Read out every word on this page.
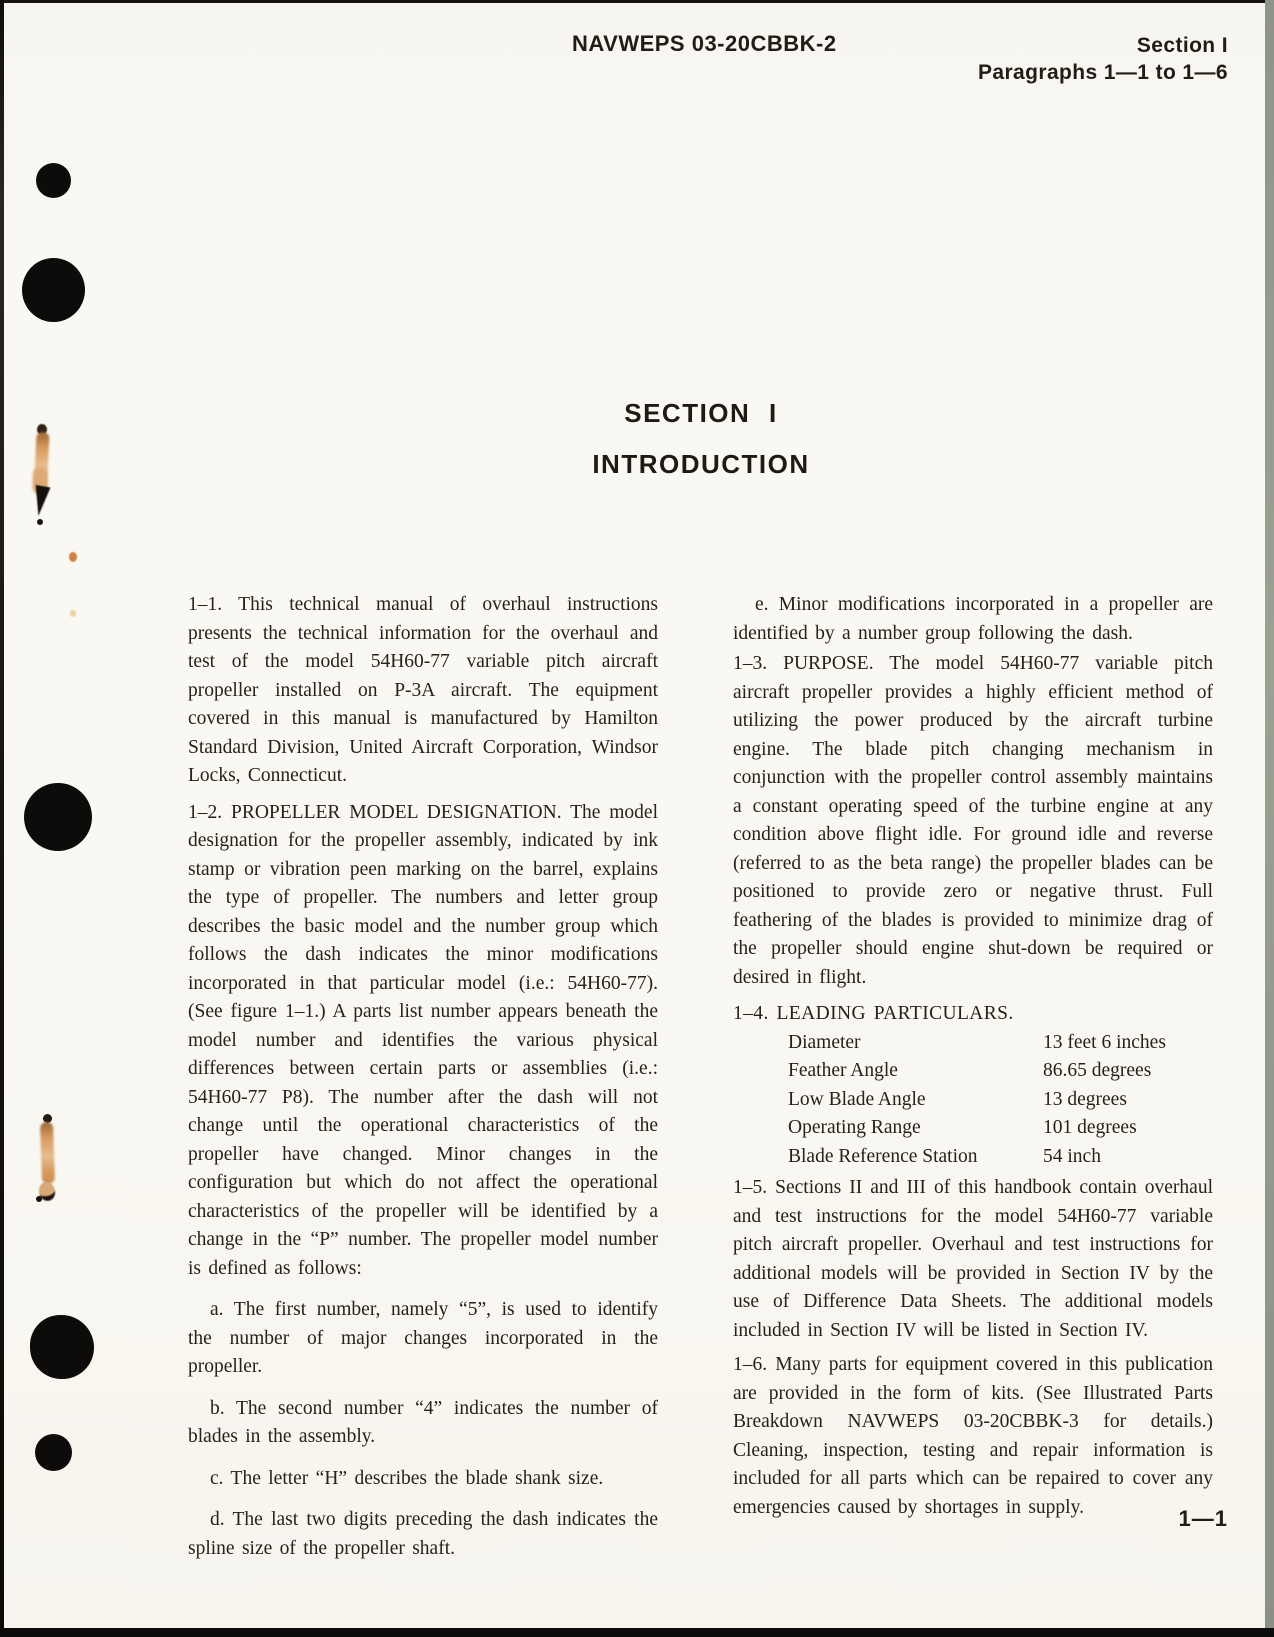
NAVWEPS 03-20CBBK-2	Section I
Paragraphs 1—1 to 1—6
SECTION I
INTRODUCTION

1–1. This technical manual of overhaul instructions presents the technical information for the overhaul and test of the model 54H60-77 variable pitch aircraft propeller installed on P-3A aircraft. The equipment covered in this manual is manufactured by Hamilton Standard Division, United Aircraft Corporation, Windsor Locks, Connecticut.

1–2. PROPELLER MODEL DESIGNATION. The model designation for the propeller assembly, indicated by ink stamp or vibration peen marking on the barrel, explains the type of propeller. The numbers and letter group describes the basic model and the number group which follows the dash indicates the minor modifications incorporated in that particular model (i.e.: 54H60-77). (See figure 1–1.) A parts list number appears beneath the model number and identifies the various physical differences between certain parts or assemblies (i.e.: 54H60-77 P8). The number after the dash will not change until the operational characteristics of the propeller have changed. Minor changes in the configuration but which do not affect the operational characteristics of the propeller will be identified by a change in the “P” number. The propeller model number is defined as follows:

a. The first number, namely “5”, is used to identify the number of major changes incorporated in the propeller.

b. The second number “4” indicates the number of blades in the assembly.

c. The letter “H” describes the blade shank size.

d. The last two digits preceding the dash indicates the spline size of the propeller shaft.

e. Minor modifications incorporated in a propeller are identified by a number group following the dash.

1–3. PURPOSE. The model 54H60-77 variable pitch aircraft propeller provides a highly efficient method of utilizing the power produced by the aircraft turbine engine. The blade pitch changing mechanism in conjunction with the propeller control assembly maintains a constant operating speed of the turbine engine at any condition above flight idle. For ground idle and reverse (referred to as the beta range) the propeller blades can be positioned to provide zero or negative thrust. Full feathering of the blades is provided to minimize drag of the propeller should engine shut-down be required or desired in flight.

1–4. LEADING PARTICULARS.

Diameter	13 feet 6 inches
Feather Angle	86.65 degrees
Low Blade Angle	13 degrees
Operating Range	101 degrees
Blade Reference Station	54 inch

1–5. Sections II and III of this handbook contain overhaul and test instructions for the model 54H60-77 variable pitch aircraft propeller. Overhaul and test instructions for additional models will be provided in Section IV by the use of Difference Data Sheets. The additional models included in Section IV will be listed in Section IV.

1–6. Many parts for equipment covered in this publication are provided in the form of kits. (See Illustrated Parts Breakdown NAVWEPS 03-20CBBK-3 for details.) Cleaning, inspection, testing and repair information is included for all parts which can be repaired to cover any emergencies caused by shortages in supply.	1—1
